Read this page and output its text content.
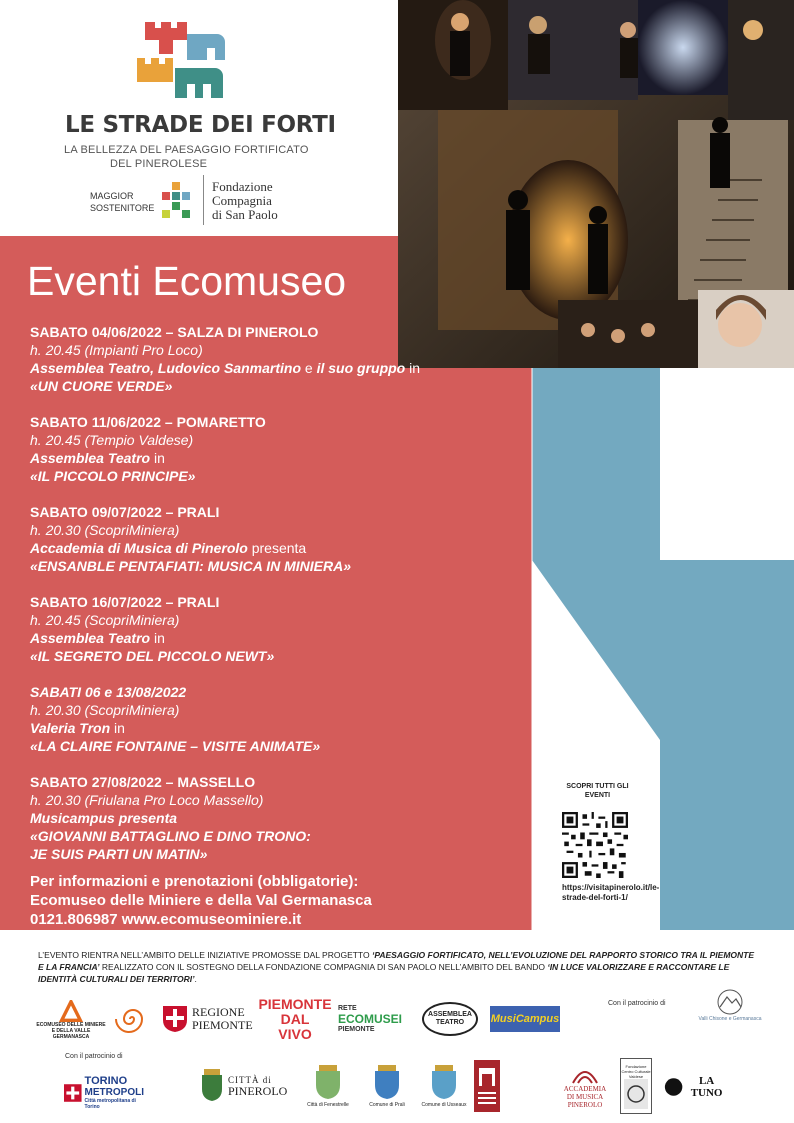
LE STRADE DEI FORTI
LA BELLEZZA DEL PAESAGGIO FORTIFICATO
DEL PINEROLESE
MAGGIOR
SOSTENITORE
Fondazione
Compagnia
di San Paolo
Eventi Ecomuseo
SABATO 04/06/2022 – SALZA DI PINEROLO
h. 20.45 (Impianti Pro Loco)
Assemblea Teatro, Ludovico Sanmartino e il suo gruppo in
«UN CUORE VERDE»
SABATO 11/06/2022 – POMARETTO
h. 20.45 (Tempio Valdese)
Assemblea Teatro in
«IL PICCOLO PRINCIPE»
SABATO 09/07/2022 – PRALI
h. 20.30 (ScopriMiniera)
Accademia di Musica di Pinerolo presenta
«ENSANBLE PENTAFIATI: MUSICA IN MINIERA»
SABATO 16/07/2022 – PRALI
h. 20.45 (ScopriMiniera)
Assemblea Teatro in
«IL SEGRETO DEL PICCOLO NEWT»
SABATI 06 e 13/08/2022
h. 20.30 (ScopriMiniera)
Valeria Tron in
«LA CLAIRE FONTAINE – VISITE ANIMATE»
SABATO 27/08/2022 – MASSELLO
h. 20.30 (Friulana Pro Loco Massello)
Musicampus presenta
«GIOVANNI BATTAGLINO E DINO TRONO:
JE SUIS PARTI UN MATIN»
Per informazioni e prenotazioni (obbligatorie):
Ecomuseo delle Miniere e della Val Germanasca
0121.806987 www.ecomuseominiere.it
SCOPRI TUTTI GLI EVENTI
https://visitapinerolo.it/le-strade-del-forti-1/
L’EVENTO RIENTRA NELL’AMBITO DELLE INIZIATIVE PROMOSSE DAL PROGETTO ‘PAESAGGIO FORTIFICATO, NELL’EVOLUZIONE DEL RAPPORTO STORICO TRA IL PIEMONTE E LA FRANCIA’ REALIZZATO CON IL SOSTEGNO DELLA FONDAZIONE COMPAGNIA DI SAN PAOLO NELL’AMBITO DEL BANDO ‘IN LUCE VALORIZZARE E RACCONTARE LE IDENTITÀ CULTURALI DEI TERRITORI’.
ECOMUSEO DELLE MINIERE E DELLA VALLE GERMANASCA
REGIONE
PIEMONTE
PIEMONTE
DAL VIVO
RETE
ECOMUSEI
PIEMONTE
ASSEMBLEA
TEATRO MusiCampus
Con il patrocinio di
Valli Chisone e Germanasca
Con il patrocinio di
TORINO
METROPOLI
Città metropolitana di Torino
CITTÀ di
PINEROLO
Città di Fenestrelle	Comune di Prali	Comune di Usseaux
ACCADEMIA
DI MUSICA
PINEROLO
Fondazione Centro Culturale Valdese	LA TUNO
